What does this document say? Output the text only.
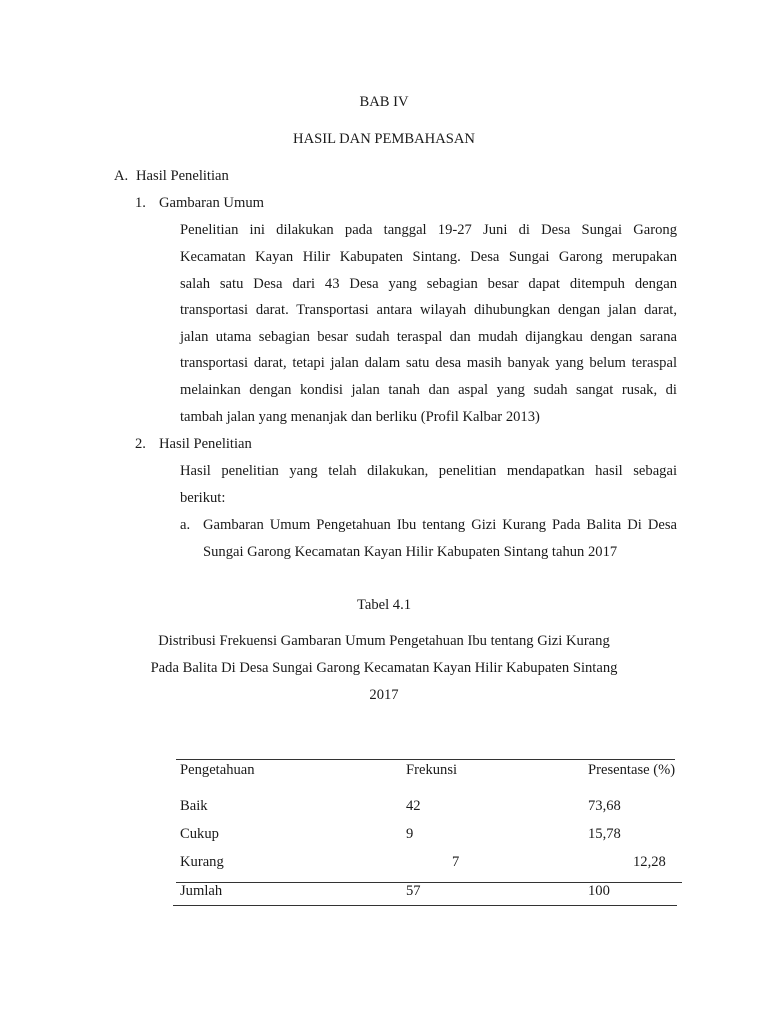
BAB IV
HASIL DAN PEMBAHASAN
A. Hasil Penelitian
1. Gambaran Umum
Penelitian ini dilakukan pada tanggal 19-27 Juni di Desa Sungai Garong
Kecamatan Kayan Hilir Kabupaten Sintang. Desa Sungai Garong merupakan
salah satu Desa dari 43 Desa yang sebagian besar dapat ditempuh dengan
transportasi darat. Transportasi antara wilayah dihubungkan dengan jalan darat,
jalan utama sebagian besar sudah teraspal dan mudah dijangkau dengan sarana
transportasi darat, tetapi jalan dalam satu desa masih banyak yang belum teraspal
melainkan dengan kondisi jalan tanah dan aspal yang sudah sangat rusak, di
tambah jalan yang menanjak dan berliku (Profil Kalbar 2013)
2. Hasil Penelitian
Hasil penelitian yang telah dilakukan, penelitian mendapatkan hasil sebagai
berikut:
a. Gambaran Umum Pengetahuan Ibu tentang Gizi Kurang Pada Balita Di Desa
Sungai Garong Kecamatan Kayan Hilir Kabupaten Sintang tahun 2017
Tabel 4.1
Distribusi Frekuensi Gambaran Umum Pengetahuan Ibu tentang Gizi Kurang
Pada Balita Di Desa Sungai Garong Kecamatan Kayan Hilir Kabupaten Sintang
2017
Pengetahuan	Frekunsi	Presentase (%)
Baik	42	73,68
Cukup	9	15,78
Kurang	7	12,28
Jumlah	57	100
